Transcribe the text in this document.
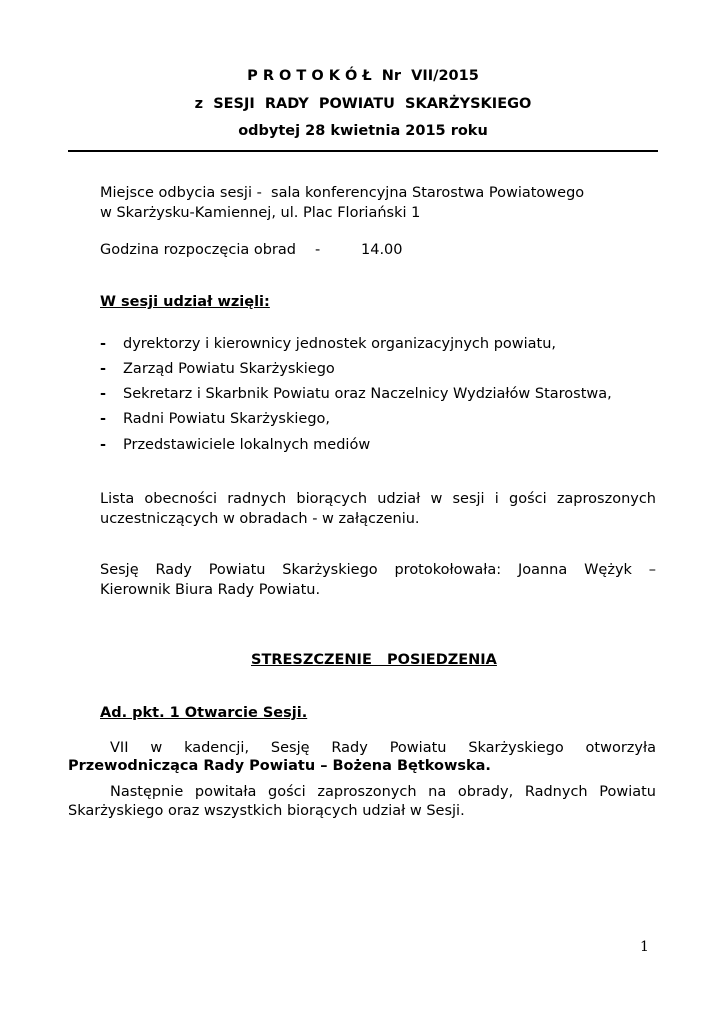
P R O T O K Ó Ł  Nr  VII/2015
z  SESJI  RADY  POWIATU  SKARŻYSKIEGO
odbytej 28 kwietnia 2015 roku
Miejsce odbycia sesji -  sala konferencyjna Starostwa Powiatowego
w Skarżysku-Kamiennej, ul. Plac Floriański 1
Godzina rozpoczęcia obrad -	14.00
W sesji udział wzięli:
- dyrektorzy i kierownicy jednostek organizacyjnych powiatu,
- Zarząd Powiatu Skarżyskiego
- Sekretarz i Skarbnik Powiatu oraz Naczelnicy Wydziałów Starostwa,
- Radni Powiatu Skarżyskiego,
- Przedstawiciele lokalnych mediów
Lista obecności radnych biorących udział w sesji i gości zaproszonych
uczestniczących w obradach - w załączeniu.
Sesję Rady Powiatu Skarżyskiego protokołowała: Joanna Wężyk –
Kierownik Biura Rady Powiatu.
STRESZCZENIE   POSIEDZENIA
Ad. pkt. 1 Otwarcie Sesji.
VII w kadencji, Sesję Rady Powiatu Skarżyskiego otworzyła
Przewodnicząca Rady Powiatu – Bożena Bętkowska.
Następnie powitała gości zaproszonych na obrady, Radnych Powiatu
Skarżyskiego oraz wszystkich biorących udział w Sesji.
1
